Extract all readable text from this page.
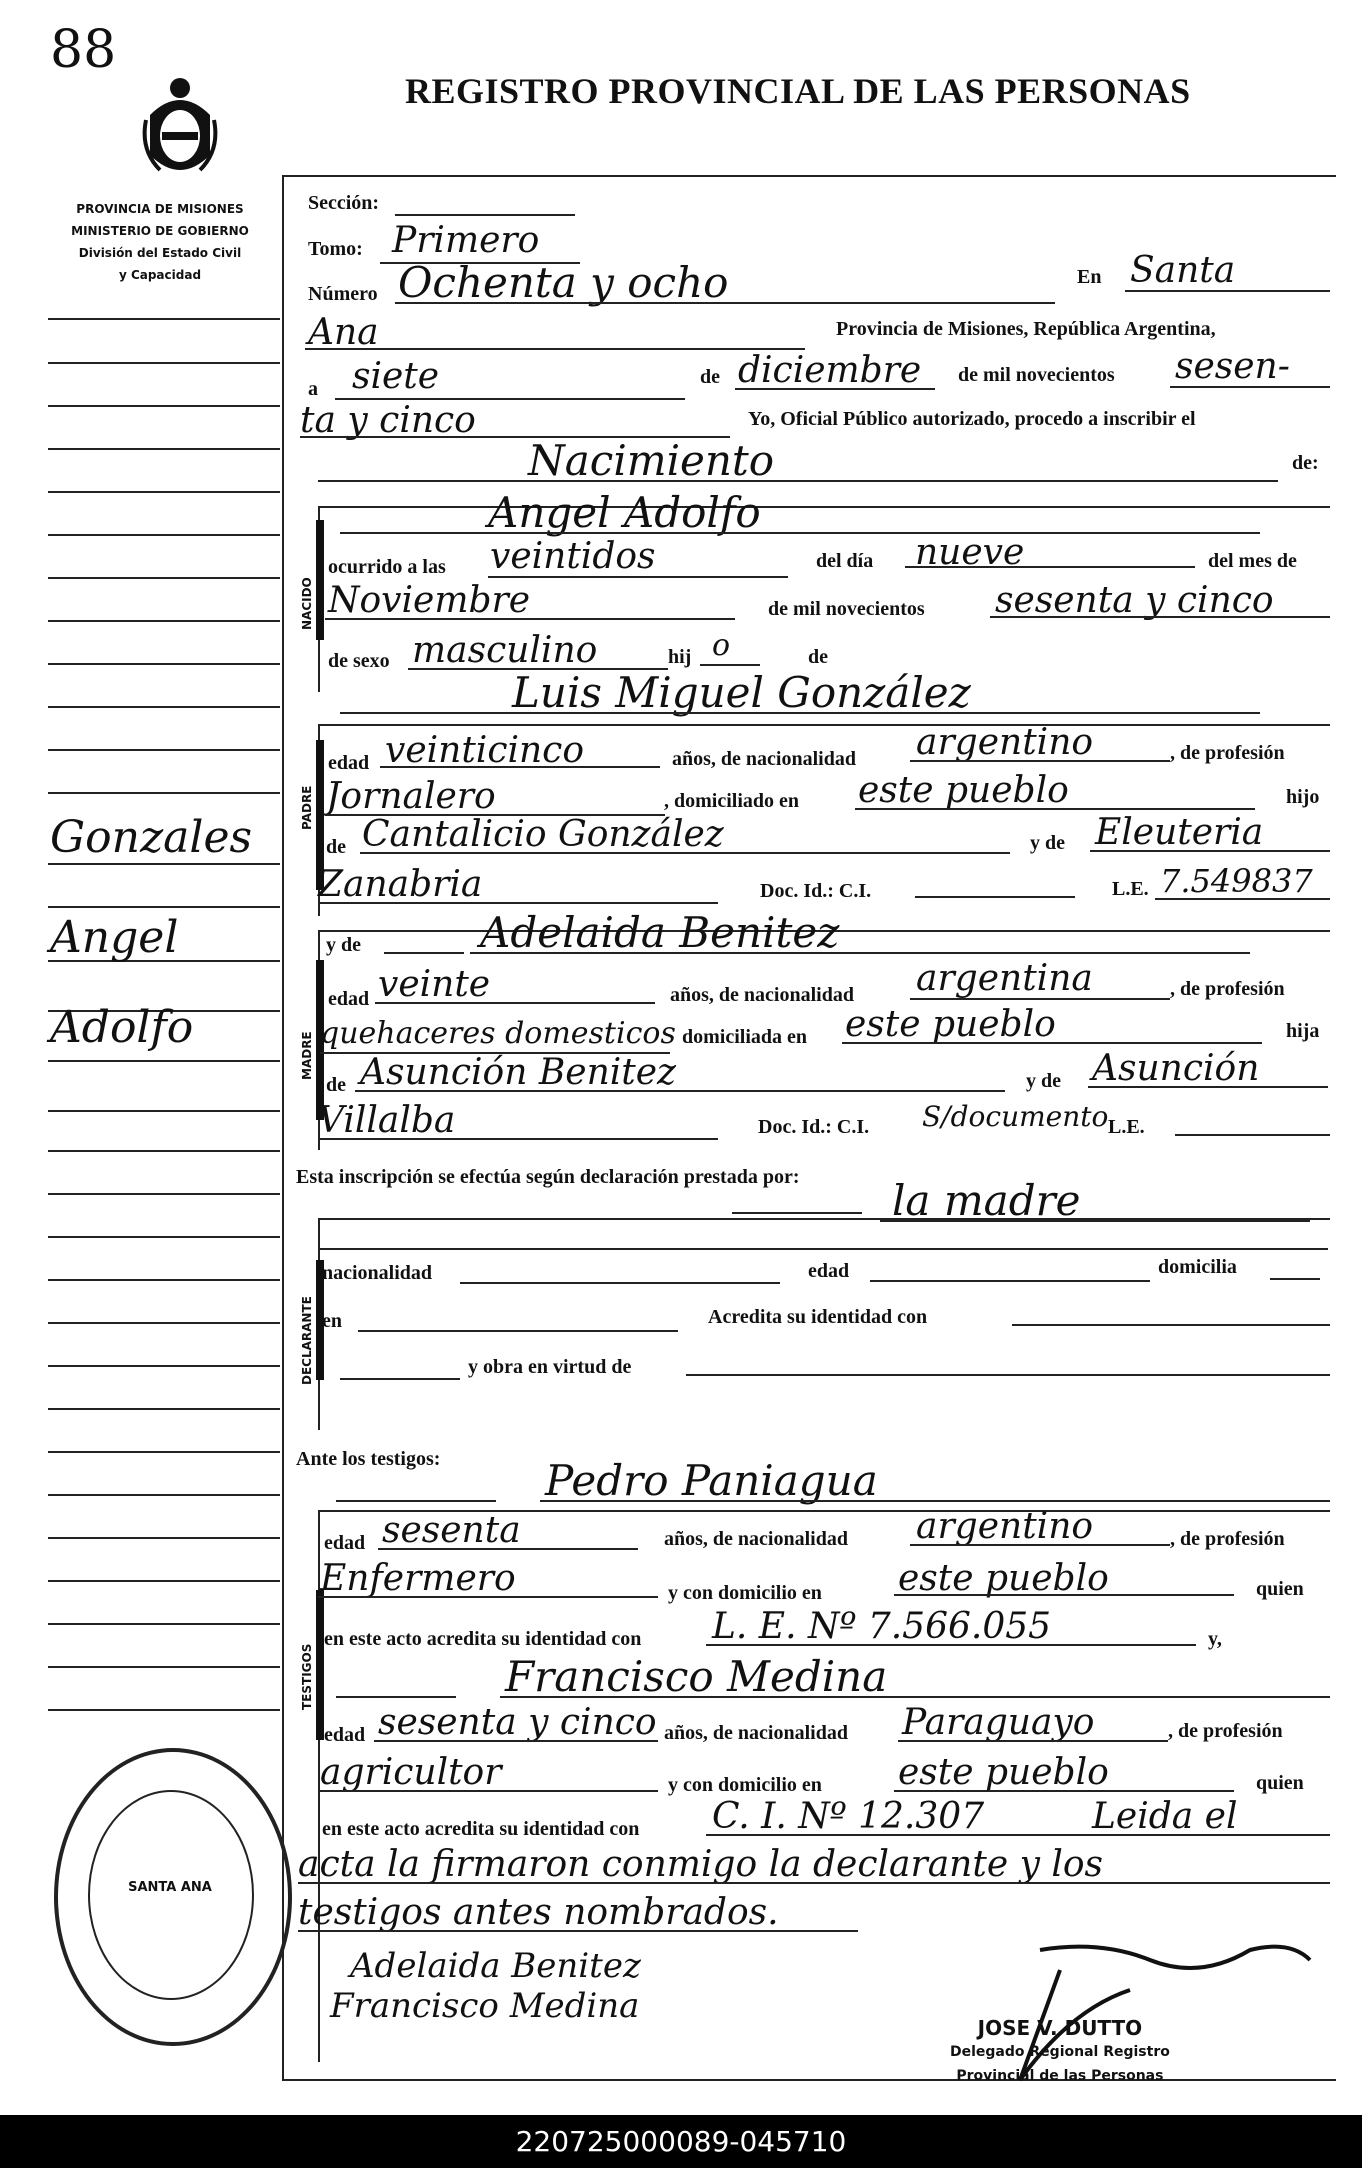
88
REGISTRO PROVINCIAL DE LAS PERSONAS
PROVINCIA DE MISIONES
MINISTERIO DE GOBIERNO
División del Estado Civil
y Capacidad
Gonzales
Angel
Adolfo
NACIDO
PADRE
MADRE
DECLARANTE
TESTIGOS
Sección:
Tomo: Primero
Número Ochenta y ocho	En Santa
Ana	Provincia de Misiones, República Argentina,
a siete	de diciembre de mil novecientos sesen-
ta y cinco	Yo, Oficial Público autorizado, procedo a inscribir el
Nacimiento	de:
Angel Adolfo
ocurrido a las veintidos	del día nueve	del mes de
Noviembre	de mil novecientos sesenta y cinco
de sexo masculino	hij o	de
Luis Miguel González
edad veinticinco	años, de nacionalidad argentino	, de profesión
Jornalero	, domiciliado en este pueblo	hijo
de Cantalicio González	y de Eleuteria
Zanabria	Doc. Id.: C.I.	L.E. 7.549837
y de	Adelaida Benitez
edad veinte	años, de nacionalidad argentina	, de profesión
quehaceres domesticos domiciliada en este pueblo	hija
de Asunción Benitez	y de Asunción
Villalba	Doc. Id.: C.I. S/documento L.E.
Esta inscripción se efectúa según declaración prestada por: la madre
nacionalidad	edad	domicilia
en	Acredita su identidad con
y obra en virtud de
Ante los testigos: Pedro Paniagua
edad sesenta	años, de nacionalidad argentino	, de profesión
Enfermero	y con domicilio en este pueblo	quien
en este acto acredita su identidad con L. E. Nº 7.566.055	y,
Francisco Medina
edad sesenta y cinco años, de nacionalidad Paraguayo	, de profesión
agricultor	y con domicilio en este pueblo	quien
en este acto acredita su identidad con C. I. Nº 12.307	Leida el
acta la firmaron conmigo la declarante y los
testigos antes nombrados.
SANTA ANA
Adelaida Benitez
Francisco Medina
JOSE V. DUTTO
Delegado Regional Registro
Provincial de las Personas
220725000089-045710
